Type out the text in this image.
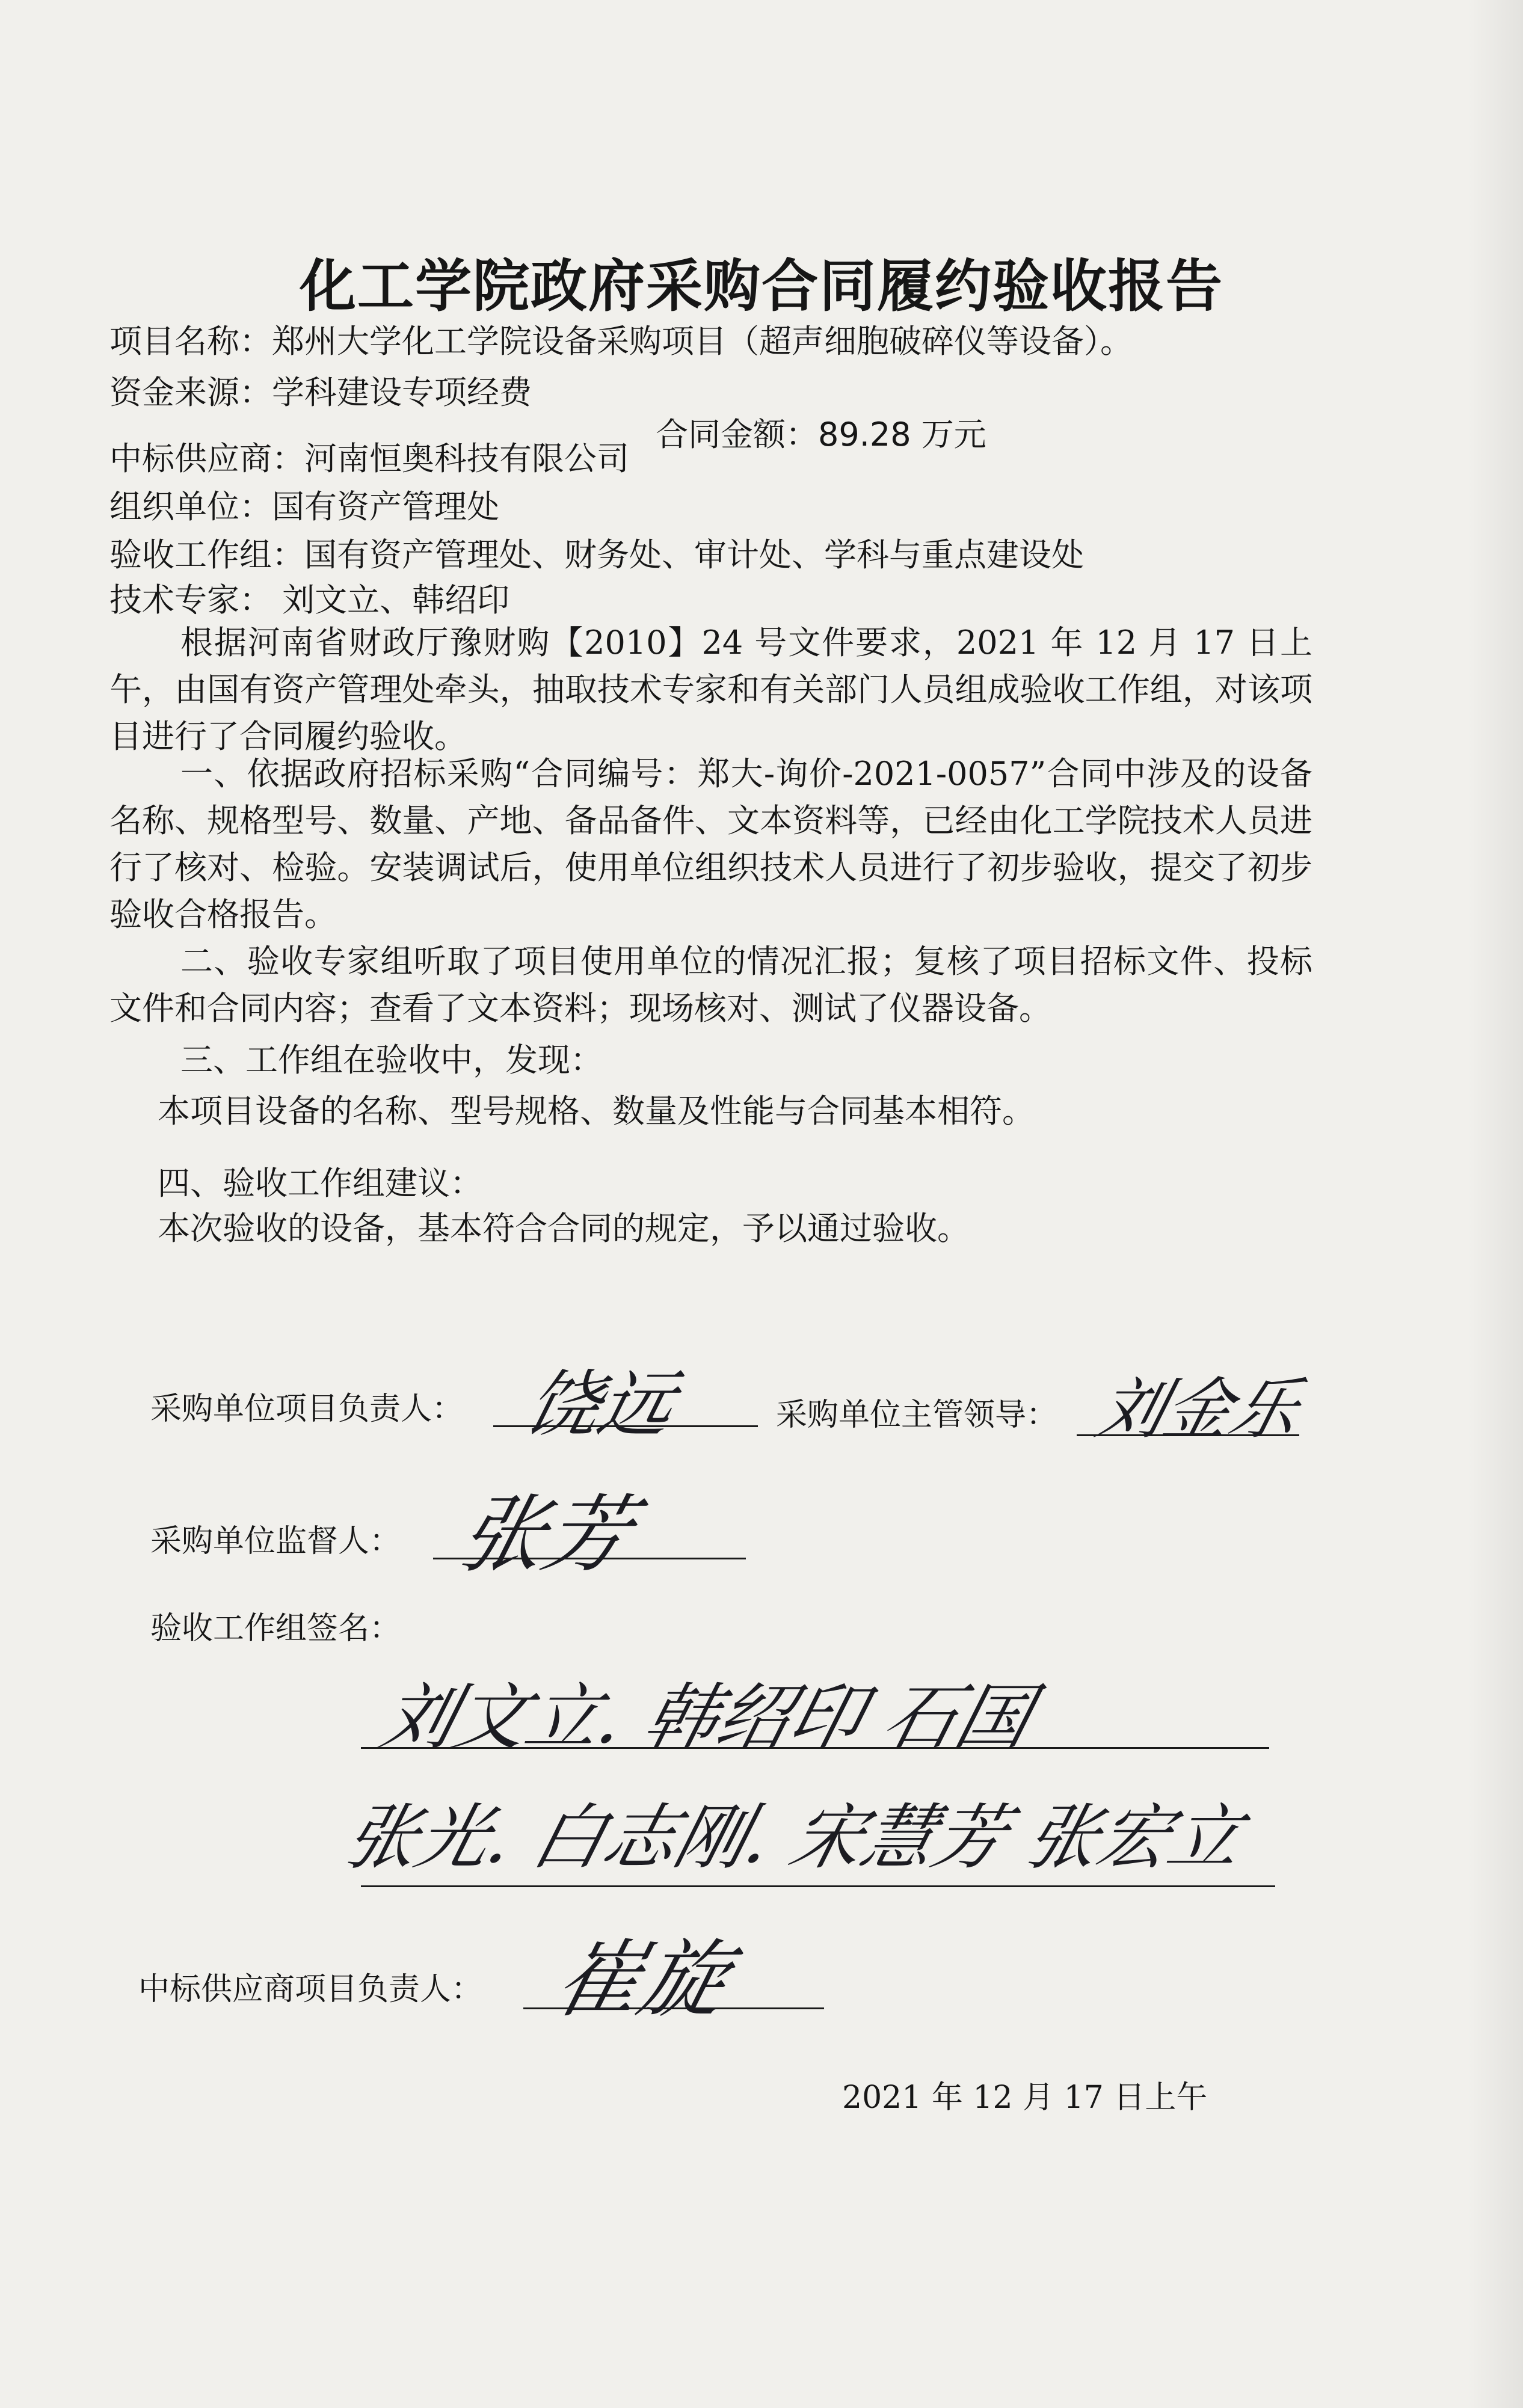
化工学院政府采购合同履约验收报告
项目名称：郑州大学化工学院设备采购项目（超声细胞破碎仪等设备）。
资金来源：学科建设专项经费
合同金额：89.28 万元
中标供应商：河南恒奥科技有限公司
组织单位：国有资产管理处
验收工作组：国有资产管理处、财务处、审计处、学科与重点建设处
技术专家： 刘文立、韩绍印
根据河南省财政厅豫财购【2010】24 号文件要求，2021 年 12 月 17 日上午，由国有资产管理处牵头，抽取技术专家和有关部门人员组成验收工作组，对该项目进行了合同履约验收。
一、依据政府招标采购“合同编号：郑大-询价-2021-0057”合同中涉及的设备名称、规格型号、数量、产地、备品备件、文本资料等，已经由化工学院技术人员进行了核对、检验。安装调试后，使用单位组织技术人员进行了初步验收，提交了初步验收合格报告。
二、验收专家组听取了项目使用单位的情况汇报；复核了项目招标文件、投标文件和合同内容；查看了文本资料；现场核对、测试了仪器设备。
三、工作组在验收中，发现：
本项目设备的名称、型号规格、数量及性能与合同基本相符。
四、验收工作组建议：
本次验收的设备，基本符合合同的规定，予以通过验收。
采购单位项目负责人： 饶远	采购单位主管领导： 刘金乐
采购单位监督人： 张芳
验收工作组签名：
刘文立. 韩绍印 石国
张光. 白志刚. 宋慧芳 张宏立
中标供应商项目负责人： 崔旋
2021 年 12 月 17 日上午
